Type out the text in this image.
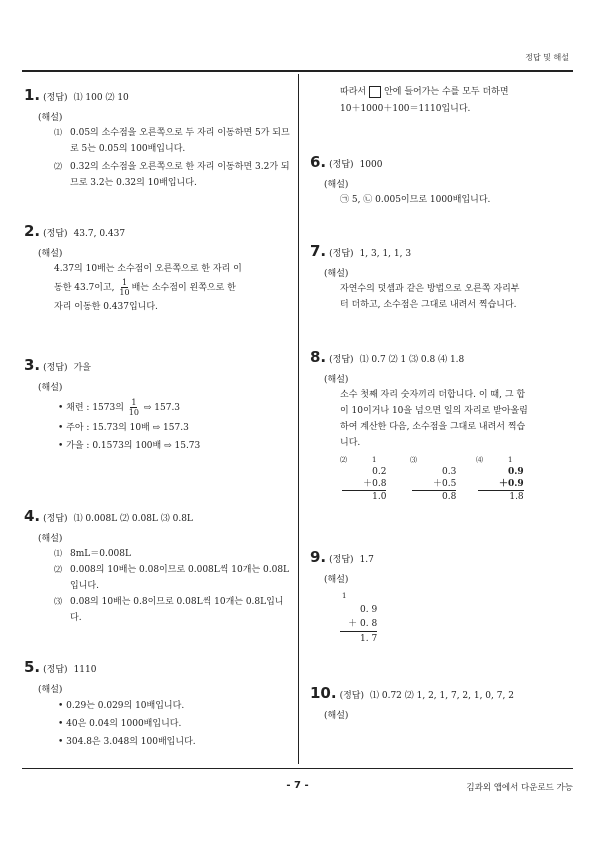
정답 및 해설
1. (정답) ⑴ 100 ⑵ 10
(해설)
⑴ 0.05의 소수점을 오른쪽으로 두 자리 이동하면 5가 되므로 5는 0.05의 100배입니다.
⑵ 0.32의 소수점을 오른쪽으로 한 자리 이동하면 3.2가 되므로 3.2는 0.32의 10배입니다.
2. (정답) 43.7, 0.437
(해설)
4.37의 10배는 소수점이 오른쪽으로 한 자리 이
동한 43.7이고, $\frac{1}{10}$ 배는 소수점이 왼쪽으로 한
자리 이동한 0.437입니다.
3. (정답) 가을
(해설)
• 채련 : 1573의 $\frac{1}{10}$ ⇨ 157.3
• 주아 : 15.73의 10배 ⇨ 157.3
• 가을 : 0.1573의 100배 ⇨ 15.73
4. (정답) ⑴ 0.008L ⑵ 0.08L ⑶ 0.8L
(해설)
⑴ 8mL＝0.008L
⑵ 0.008의 10배는 0.08이므로 0.008L씩 10개는 0.08L입니다.
⑶ 0.08의 10배는 0.8이므로 0.08L씩 10개는 0.8L입니다.
5. (정답) 1110
(해설)
• 0.29는 0.029의 10배입니다.
• 40은 0.04의 1000배입니다.
• 304.8은 3.048의 100배입니다.
따라서 안에 들어가는 수를 모두 더하면
10＋1000＋100＝1110입니다.
6. (정답) 1000
(해설)
㉠ 5, ㉡ 0.005이므로 1000배입니다.
7. (정답) 1, 3, 1, 1, 3
(해설)
자연수의 덧셈과 같은 방법으로 오른쪽 자리부
터 더하고, 소수점은 그대로 내려서 찍습니다.
8. (정답) ⑴ 0.7 ⑵ 1 ⑶ 0.8 ⑷ 1.8
(해설)
소수 첫째 자리 숫자끼리 더합니다. 이 때, 그 합
이 10이거나 10을 넘으면 일의 자리로 받아올림
하여 계산한 다음, 소수점을 그대로 내려서 찍습
니다.
⑵	1
0.2
＋0.8
1.0
⑶

0.3
＋0.5
0.8
⑷	1
0.9
＋0.9
1.8
9. (정답) 1.7
(해설)
1
0. 9
＋ 0. 8
1. 7
10. (정답) ⑴ 0.72 ⑵ 1, 2, 1, 7, 2, 1, 0, 7, 2
(해설)
- 7 -	김과외 앱에서 다운로드 가능
